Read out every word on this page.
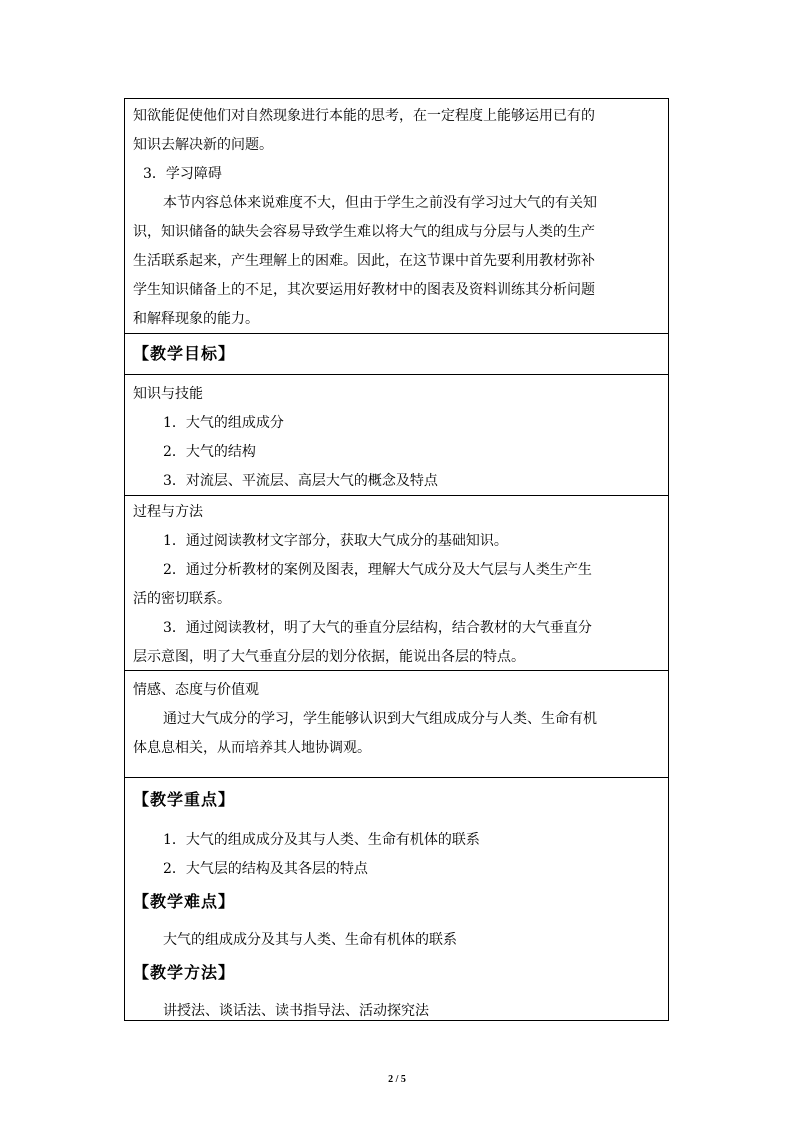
知欲能促使他们对自然现象进行本能的思考，在一定程度上能够运用已有的
知识去解决新的问题。
3．学习障碍
本节内容总体来说难度不大，但由于学生之前没有学习过大气的有关知
识，知识储备的缺失会容易导致学生难以将大气的组成与分层与人类的生产
生活联系起来，产生理解上的困难。因此，在这节课中首先要利用教材弥补
学生知识储备上的不足，其次要运用好教材中的图表及资料训练其分析问题
和解释现象的能力。
【教学目标】
知识与技能
1．大气的组成成分
2．大气的结构
3．对流层、平流层、高层大气的概念及特点
过程与方法
1．通过阅读教材文字部分，获取大气成分的基础知识。
2．通过分析教材的案例及图表，理解大气成分及大气层与人类生产生
活的密切联系。
3．通过阅读教材，明了大气的垂直分层结构，结合教材的大气垂直分
层示意图，明了大气垂直分层的划分依据，能说出各层的特点。
情感、态度与价值观
通过大气成分的学习，学生能够认识到大气组成成分与人类、生命有机
体息息相关，从而培养其人地协调观。
【教学重点】
1．大气的组成成分及其与人类、生命有机体的联系
2．大气层的结构及其各层的特点
【教学难点】
大气的组成成分及其与人类、生命有机体的联系
【教学方法】
讲授法、谈话法、读书指导法、活动探究法
2 / 5
